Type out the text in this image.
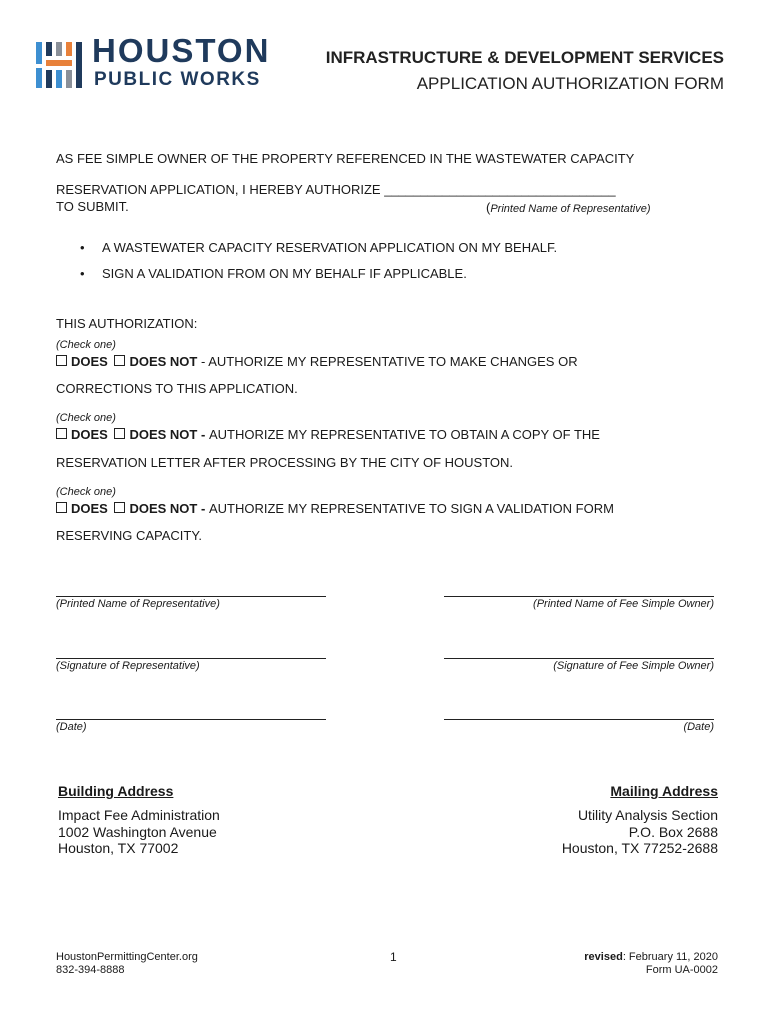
HOUSTON
PUBLIC WORKS
INFRASTRUCTURE & DEVELOPMENT SERVICES
APPLICATION AUTHORIZATION FORM
AS FEE SIMPLE OWNER OF THE PROPERTY REFERENCED IN THE WASTEWATER CAPACITY
RESERVATION APPLICATION, I HEREBY AUTHORIZE ________________________________
TO SUBMIT.	(Printed Name of Representative)
• A WASTEWATER CAPACITY RESERVATION APPLICATION ON MY BEHALF.
• SIGN A VALIDATION FROM ON MY BEHALF IF APPLICABLE.
THIS AUTHORIZATION:
(Check one)
DOES DOES NOT - AUTHORIZE MY REPRESENTATIVE TO MAKE CHANGES OR
CORRECTIONS TO THIS APPLICATION.
(Check one)
DOES DOES NOT - AUTHORIZE MY REPRESENTATIVE TO OBTAIN A COPY OF THE
RESERVATION LETTER AFTER PROCESSING BY THE CITY OF HOUSTON.
(Check one)
DOES DOES NOT - AUTHORIZE MY REPRESENTATIVE TO SIGN A VALIDATION FORM
RESERVING CAPACITY.
(Printed Name of Representative)	(Printed Name of Fee Simple Owner)
(Signature of Representative)	(Signature of Fee Simple Owner)
(Date)	(Date)
Building Address
Impact Fee Administration
1002 Washington Avenue
Houston, TX 77002
Mailing Address
Utility Analysis Section
P.O. Box 2688
Houston, TX 77252-2688
HoustonPermittingCenter.org
832-394-8888
1	revised: February 11, 2020
Form UA-0002
